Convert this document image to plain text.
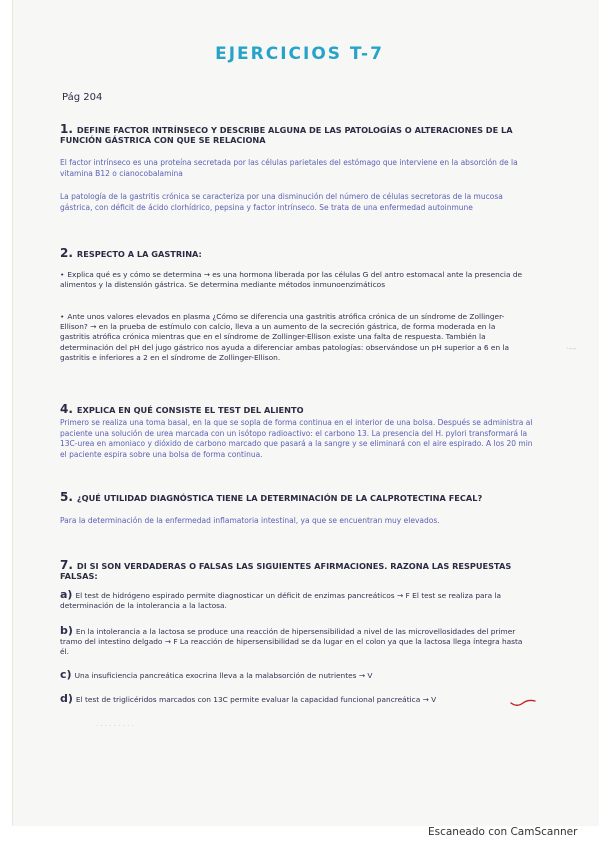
EJERCICIOS T-7
Pág 204
1. DEFINE FACTOR INTRÍNSECO Y DESCRIBE ALGUNA DE LAS PATOLOGÍAS O ALTERACIONES DE LA FUNCIÓN GÁSTRICA CON QUE SE RELACIONA
El factor intrínseco es una proteína secretada por las células parietales del estómago que interviene en la absorción de la vitamina B12 o cianocobalamina
La patología de la gastritis crónica se caracteriza por una disminución del número de células secretoras de la mucosa gástrica, con déficit de ácido clorhídrico, pepsina y factor intrínseco. Se trata de una enfermedad autoinmune
2. RESPECTO A LA GASTRINA:
• Explica qué es y cómo se determina → es una hormona liberada por las células G del antro estomacal ante la presencia de alimentos y la distensión gástrica. Se determina mediante métodos inmunoenzimáticos
• Ante unos valores elevados en plasma ¿Cómo se diferencia una gastritis atrófica crónica de un síndrome de Zollinger-Ellison? → en la prueba de estímulo con calcio, lleva a un aumento de la secreción gástrica, de forma moderada en la gastritis atrófica crónica mientras que en el síndrome de Zollinger-Ellison existe una falta de respuesta. También la determinación del pH del jugo gástrico nos ayuda a diferenciar ambas patologías: observándose un pH superior a 6 en la gastritis e inferiores a 2 en el síndrome de Zollinger-Ellison.
·––
4. EXPLICA EN QUÉ CONSISTE EL TEST DEL ALIENTO
Primero se realiza una toma basal, en la que se sopla de forma continua en el interior de una bolsa. Después se administra al paciente una solución de urea marcada con un isótopo radioactivo: el carbono 13. La presencia del H. pylori transformará la 13C-urea en amoniaco y dióxido de carbono marcado que pasará a la sangre y se eliminará con el aire espirado. A los 20 min el paciente espira sobre una bolsa de forma continua.
5. ¿QUÉ UTILIDAD DIAGNÓSTICA TIENE LA DETERMINACIÓN DE LA CALPROTECTINA FECAL?
Para la determinación de la enfermedad inflamatoria intestinal, ya que se encuentran muy elevados.
7. DI SI SON VERDADERAS O FALSAS LAS SIGUIENTES AFIRMACIONES. RAZONA LAS RESPUESTAS FALSAS:
a) El test de hidrógeno espirado permite diagnosticar un déficit de enzimas pancreáticos → F El test se realiza para la determinación de la intolerancia a la lactosa.
b) En la intolerancia a la lactosa se produce una reacción de hipersensibilidad a nivel de las microvellosidades del primer tramo del intestino delgado → F La reacción de hipersensibilidad se da lugar en el colon ya que la lactosa llega íntegra hasta él.
c) Una insuficiencia pancreática exocrina lleva a la malabsorción de nutrientes → V
d) El test de triglicéridos marcados con 13C permite evaluar la capacidad funcional pancreática → V
· · · · · · · · ·
Escaneado con CamScanner
